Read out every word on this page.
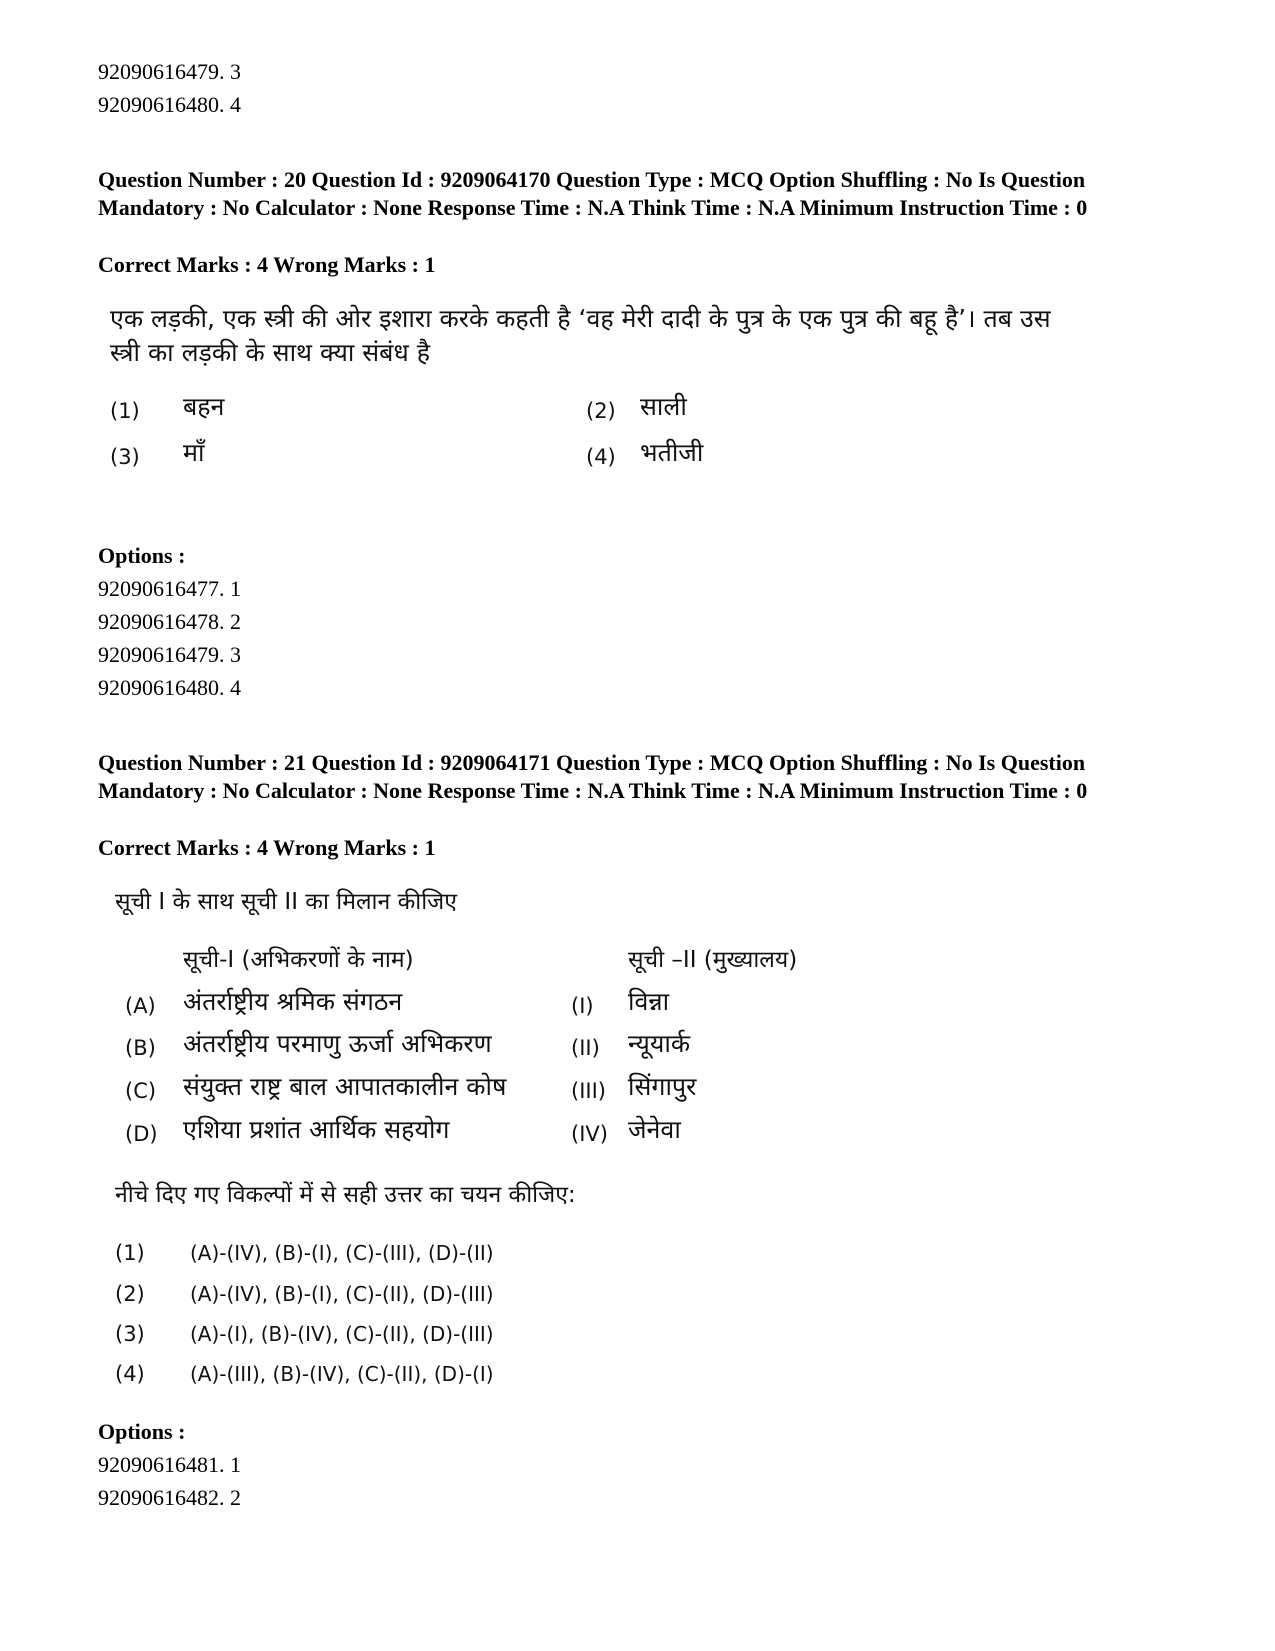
92090616479. 3
92090616480. 4
Question Number : 20 Question Id : 9209064170 Question Type : MCQ Option Shuffling : No Is Question Mandatory : No Calculator : None Response Time : N.A Think Time : N.A Minimum Instruction Time : 0
Correct Marks : 4 Wrong Marks : 1
एक लड़की, एक स्त्री की ओर इशारा करके कहती है ‘वह मेरी दादी के पुत्र के एक पुत्र की बहू है’। तब उस
स्त्री का लड़की के साथ क्या संबंध है
(1) बहन	(2) साली
(3) माँ	(4) भतीजी
Options :
92090616477. 1
92090616478. 2
92090616479. 3
92090616480. 4
Question Number : 21 Question Id : 9209064171 Question Type : MCQ Option Shuffling : No Is Question Mandatory : No Calculator : None Response Time : N.A Think Time : N.A Minimum Instruction Time : 0
Correct Marks : 4 Wrong Marks : 1
सूची I के साथ सूची II का मिलान कीजिए
सूची-I (अभिकरणों के नाम)	सूची –II (मुख्यालय)
(A) अंतर्राष्ट्रीय श्रमिक संगठन	(I) विन्ना
(B) अंतर्राष्ट्रीय परमाणु ऊर्जा अभिकरण	(II) न्यूयार्क
(C) संयुक्त राष्ट्र बाल आपातकालीन कोष	(III) सिंगापुर
(D) एशिया प्रशांत आर्थिक सहयोग	(IV) जेनेवा
नीचे दिए गए विकल्पों में से सही उत्तर का चयन कीजिए:
(1) (A)-(IV), (B)-(I), (C)-(III), (D)-(II)
(2) (A)-(IV), (B)-(I), (C)-(II), (D)-(III)
(3) (A)-(I), (B)-(IV), (C)-(II), (D)-(III)
(4) (A)-(III), (B)-(IV), (C)-(II), (D)-(I)
Options :
92090616481. 1
92090616482. 2
